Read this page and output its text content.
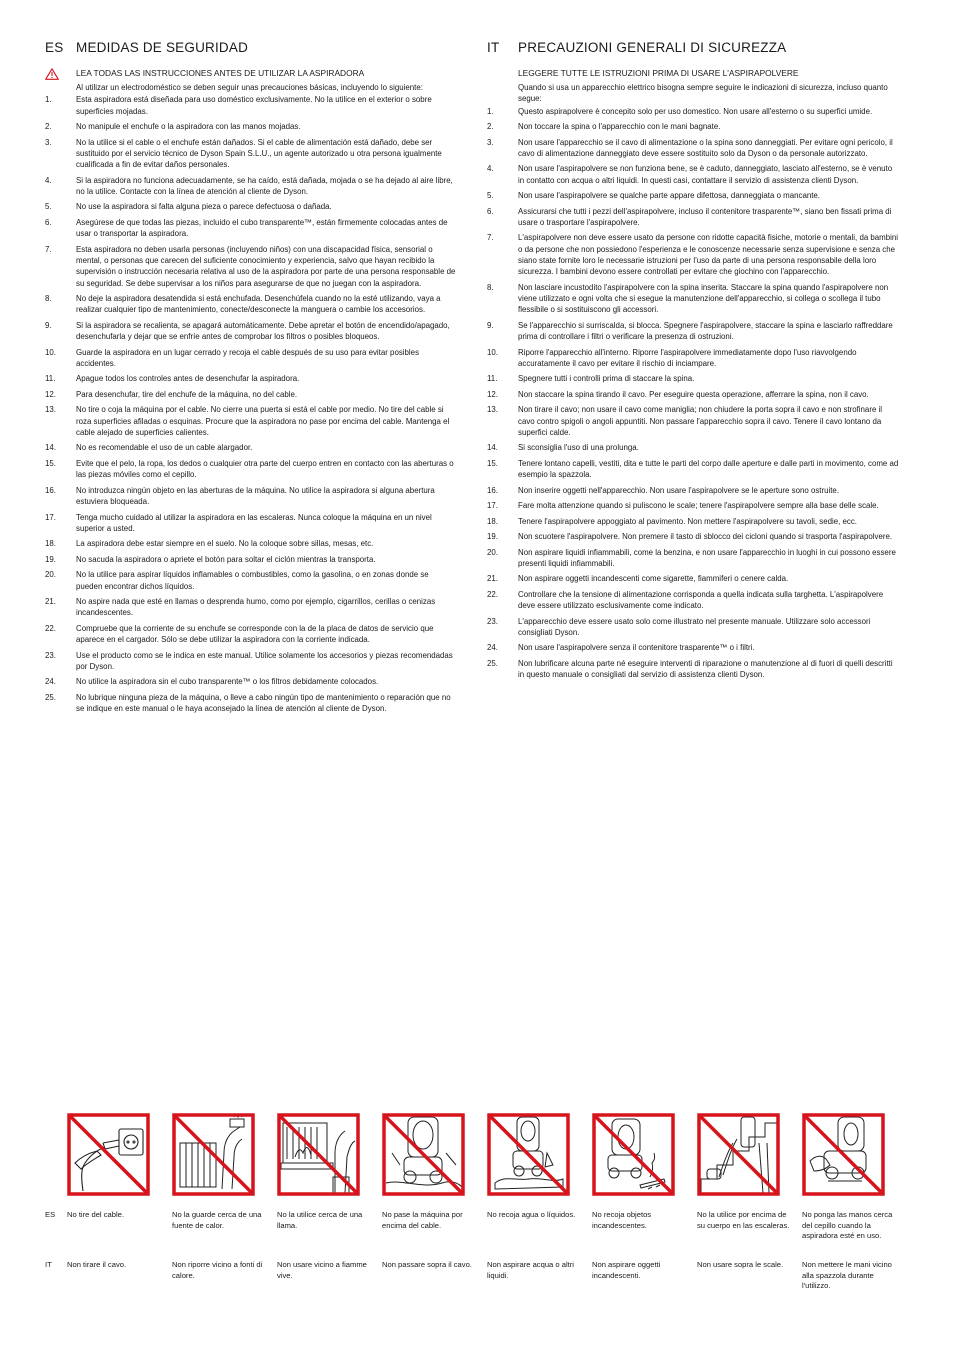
ES MEDIDAS DE SEGURIDAD
LEA TODAS LAS INSTRUCCIONES ANTES DE UTILIZAR LA ASPIRADORA
Al utilizar un electrodoméstico se deben seguir unas precauciones básicas, incluyendo lo siguiente:
1.	Esta aspiradora está diseñada para uso doméstico exclusivamente. No la utilice en el exterior o sobre superficies mojadas.
2.	No manipule el enchufe o la aspiradora con las manos mojadas.
3.	No la utilice si el cable o el enchufe están dañados. Si el cable de alimentación está dañado, debe ser sustituido por el servicio técnico de Dyson Spain S.L.U., un agente autorizado u otra persona igualmente cualificada a fin de evitar daños personales.
4.	Si la aspiradora no funciona adecuadamente, se ha caído, está dañada, mojada o se ha dejado al aire libre, no la utilice. Contacte con la línea de atención al cliente de Dyson.
5.	No use la aspiradora si falta alguna pieza o parece defectuosa o dañada.
6.	Asegúrese de que todas las piezas, incluido el cubo transparente™, están firmemente colocadas antes de usar o transportar la aspiradora.
7.	Esta aspiradora no deben usarla personas (incluyendo niños) con una discapacidad física, sensorial o mental, o personas que carecen del suficiente conocimiento y experiencia, salvo que hayan recibido la supervisión o instrucción necesaria relativa al uso de la aspiradora por parte de una persona responsable de su seguridad. Se debe supervisar a los niños para asegurarse de que no juegan con la aspiradora.
8.	No deje la aspiradora desatendida si está enchufada. Desenchúfela cuando no la esté utilizando, vaya a realizar cualquier tipo de mantenimiento, conecte/desconecte la manguera o cambie los accesorios.
9.	Si la aspiradora se recalienta, se apagará automáticamente. Debe apretar el botón de encendido/apagado, desenchufarla y dejar que se enfríe antes de comprobar los filtros o posibles bloqueos.
10.	Guarde la aspiradora en un lugar cerrado y recoja el cable después de su uso para evitar posibles accidentes.
11.	Apague todos los controles antes de desenchufar la aspiradora.
12.	Para desenchufar, tire del enchufe de la máquina, no del cable.
13.	No tire o coja la máquina por el cable. No cierre una puerta si está el cable por medio. No tire del cable si roza superficies afiladas o esquinas. Procure que la aspiradora no pase por encima del cable. Mantenga el cable alejado de superficies calientes.
14.	No es recomendable el uso de un cable alargador.
15.	Evite que el pelo, la ropa, los dedos o cualquier otra parte del cuerpo entren en contacto con las aberturas o las piezas móviles como el cepillo.
16.	No introduzca ningún objeto en las aberturas de la máquina. No utilice la aspiradora si alguna abertura estuviera bloqueada.
17.	Tenga mucho cuidado al utilizar la aspiradora en las escaleras. Nunca coloque la máquina en un nivel superior a usted.
18.	La aspiradora debe estar siempre en el suelo. No la coloque sobre sillas, mesas, etc.
19.	No sacuda la aspiradora o apriete el botón para soltar el ciclón mientras la transporta.
20.	No la utilice para aspirar líquidos inflamables o combustibles, como la gasolina, o en zonas donde se pueden encontrar dichos líquidos.
21.	No aspire nada que esté en llamas o desprenda humo, como por ejemplo, cigarrillos, cerillas o cenizas incandescentes.
22.	Compruebe que la corriente de su enchufe se corresponde con la de la placa de datos de servicio que aparece en el cargador. Sólo se debe utilizar la aspiradora con la corriente indicada.
23.	Use el producto como se le indica en este manual. Utilice solamente los accesorios y piezas recomendadas por Dyson.
24.	No utilice la aspiradora sin el cubo transparente™ o los filtros debidamente colocados.
25.	No lubrique ninguna pieza de la máquina, o lleve a cabo ningún tipo de mantenimiento o reparación que no se indique en este manual o le haya aconsejado la línea de atención al cliente de Dyson.
IT	PRECAUZIONI GENERALI DI SICUREZZA
LEGGERE TUTTE LE ISTRUZIONI PRIMA DI USARE L'ASPIRAPOLVERE
Quando si usa un apparecchio elettrico bisogna sempre seguire le indicazioni di sicurezza, incluso quanto segue:
1.	Questo aspirapolvere è concepito solo per uso domestico. Non usare all'esterno o su superfici umide.
2.	Non toccare la spina o l'apparecchio con le mani bagnate.
3.	Non usare l'apparecchio se il cavo di alimentazione o la spina sono danneggiati. Per evitare ogni pericolo, il cavo di alimentazione danneggiato deve essere sostituito solo da Dyson o da personale autorizzato.
4.	Non usare l'aspirapolvere se non funziona bene, se è caduto, danneggiato, lasciato all'esterno, se è venuto in contatto con acqua o altri liquidi. In questi casi, contattare il servizio di assistenza clienti Dyson.
5.	Non usare l'aspirapolvere se qualche parte appare difettosa, danneggiata o mancante.
6.	Assicurarsi che tutti i pezzi dell'aspirapolvere, incluso il contenitore trasparente™, siano ben fissati prima di usare o trasportare l'aspirapolvere.
7.	L'aspirapolvere non deve essere usato da persone con ridotte capacità fisiche, motorie o mentali, da bambini o da persone che non possiedono l'esperienza e le conoscenze necessarie senza supervisione e senza che siano state fornite loro le necessarie istruzioni per l'uso da parte di una persona responsabile della loro sicurezza. I bambini devono essere controllati per evitare che giochino con l'apparecchio.
8.	Non lasciare incustodito l'aspirapolvere con la spina inserita. Staccare la spina quando l'aspirapolvere non viene utilizzato e ogni volta che si esegue la manutenzione dell'apparecchio, si collega o scollega il tubo flessibile o si sostituiscono gli accessori.
9.	Se l'apparecchio si surriscalda, si blocca. Spegnere l'aspirapolvere, staccare la spina e lasciarlo raffreddare prima di controllare i filtri o verificare la presenza di ostruzioni.
10.	Riporre l'apparecchio all'interno. Riporre l'aspirapolvere immediatamente dopo l'uso riavvolgendo accuratamente il cavo per evitare il rischio di inciampare.
11.	Spegnere tutti i controlli prima di staccare la spina.
12.	Non staccare la spina tirando il cavo. Per eseguire questa operazione, afferrare la spina, non il cavo.
13.	Non tirare il cavo; non usare il cavo come maniglia; non chiudere la porta sopra il cavo e non strofinare il cavo contro spigoli o angoli appuntiti. Non passare l'apparecchio sopra il cavo. Tenere il cavo lontano da superfici calde.
14.	Si sconsiglia l'uso di una prolunga.
15.	Tenere lontano capelli, vestiti, dita e tutte le parti del corpo dalle aperture e dalle parti in movimento, come ad esempio la spazzola.
16.	Non inserire oggetti nell'apparecchio. Non usare l'aspirapolvere se le aperture sono ostruite.
17.	Fare molta attenzione quando si puliscono le scale; tenere l'aspirapolvere sempre alla base delle scale.
18.	Tenere l'aspirapolvere appoggiato al pavimento. Non mettere l'aspirapolvere su tavoli, sedie, ecc.
19.	Non scuotere l'aspirapolvere. Non premere il tasto di sblocco dei cicloni quando si trasporta l'aspirapolvere.
20.	Non aspirare liquidi infiammabili, come la benzina, e non usare l'apparecchio in luoghi in cui possono essere presenti liquidi infiammabili.
21.	Non aspirare oggetti incandescenti come sigarette, fiammiferi o cenere calda.
22.	Controllare che la tensione di alimentazione corrisponda a quella indicata sulla targhetta. L'aspirapolvere deve essere utilizzato esclusivamente come indicato.
23.	L'apparecchio deve essere usato solo come illustrato nel presente manuale. Utilizzare solo accessori consigliati Dyson.
24.	Non usare l'aspirapolvere senza il contenitore trasparente™ o i filtri.
25.	Non lubrificare alcuna parte né eseguire interventi di riparazione o manutenzione al di fuori di quelli descritti in questo manuale o consigliati dal servizio di assistenza clienti Dyson.
ES
IT
No tire del cable.	No la guarde cerca de una fuente de calor.
No la utilice cerca de una llama.
No pase la máquina por encima del cable.
No recoja agua o líquidos.	No recoja objetos incandescentes.
No la utilice por encima de su cuerpo en las escaleras.
No ponga las manos cerca del cepillo cuando la aspiradora esté en uso.
Non tirare il cavo.	Non riporre vicino a fonti di calore.
Non usare vicino a fiamme vive.
Non passare sopra il cavo.	Non aspirare acqua o altri liquidi.
Non aspirare oggetti incandescenti.
Non usare sopra le scale.	Non mettere le mani vicino alla spazzola durante l'utilizzo.
